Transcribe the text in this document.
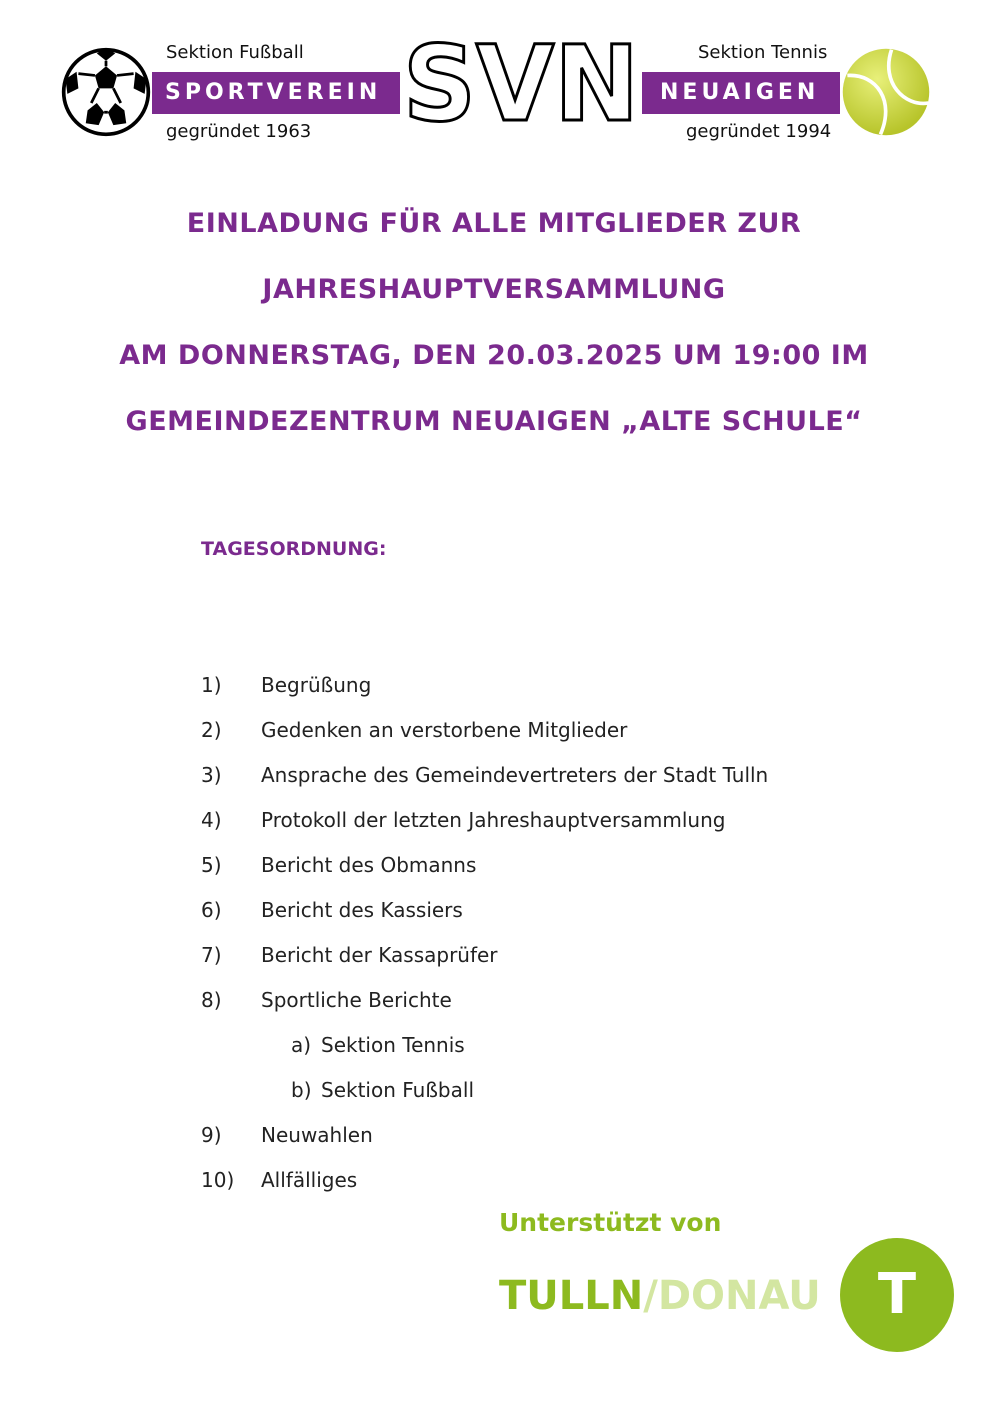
SPORTVEREIN	NEUAIGEN
SVN
Sektion Fußball	Sektion Tennis
gegründet 1963	gegründet 1994
EINLADUNG FÜR ALLE MITGLIEDER ZUR
JAHRESHAUPTVERSAMMLUNG
AM DONNERSTAG, DEN 20.03.2025 UM 19:00 IM
GEMEINDEZENTRUM NEUAIGEN „ALTE SCHULE“
TAGESORDNUNG:
1) Begrüßung
2) Gedenken an verstorbene Mitglieder
3) Ansprache des Gemeindevertreters der Stadt Tulln
4) Protokoll der letzten Jahreshauptversammlung
5) Bericht des Obmanns
6) Bericht des Kassiers
7) Bericht der Kassaprüfer
8) Sportliche Berichte
a) Sektion Tennis
b) Sektion Fußball
9) Neuwahlen
10) Allfälliges
Unterstützt von
TULLN/DONAU	T
